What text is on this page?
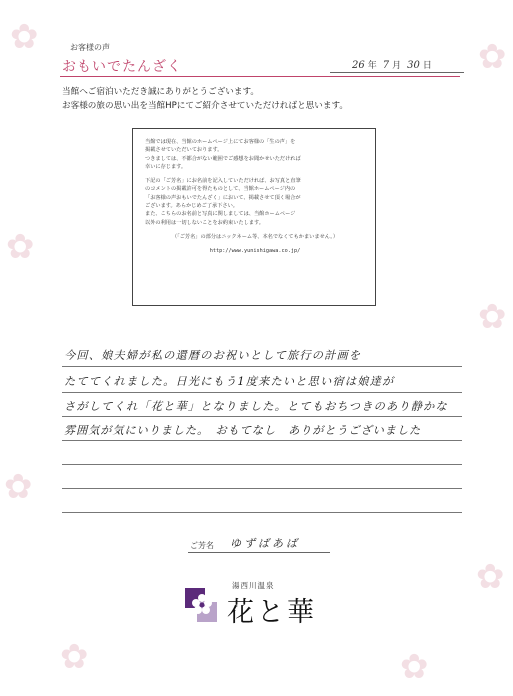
✿	✿
✿
✿
✿
✿
✿	✿
お客様の声
おもいでたんざく	26 年 7 月 30 日
当館へご宿泊いただき誠にありがとうございます。
お客様の旅の思い出を当館HPにてご紹介させていただければと思います。

当館では現在、当館のホームページ上にてお客様の「生の声」を

掲載させていただいております。

つきましては、不都合がない範囲でご感想をお聞かせいただければ

幸いに存じます。

下記の「ご芳名」にお名前を記入していただければ、お写真と直筆

のコメントの掲載許可を得たものとして、当館ホームページ内の

「お客様の声おもいでたんざく」において、掲載させて頂く場合が

ございます。あらかじめご了承下さい。

また、こちらのお名前と写真に関しましては、当館ホームページ

以外の利用は一切しないことをお約束いたします。

（「ご芳名」の部分はニックネーム等、本名でなくてもかまいません。）

http://www.yunishigawa.co.jp/

今回、娘夫婦が私の還暦のお祝いとして旅行の計画を
たててくれました。日光にもう1度来たいと思い宿は娘達が
さがしてくれ「花と華」となりました。とてもおちつきのあり静かな
雰囲気が気にいりました。　おもてなし　ありがとうございました
ご芳名 ゆずばあば
湯西川温泉
花と華
